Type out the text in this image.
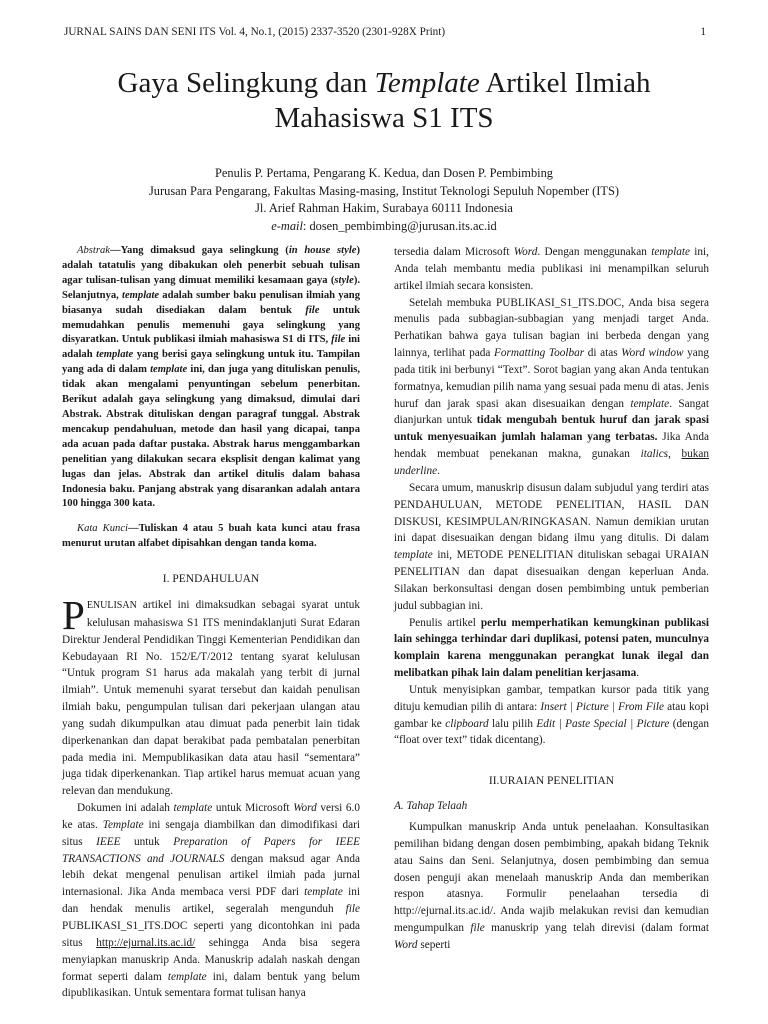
JURNAL SAINS DAN SENI ITS Vol. 4, No.1, (2015) 2337-3520 (2301-928X Print)	1
Gaya Selingkung dan Template Artikel Ilmiah
Mahasiswa S1 ITS
Penulis P. Pertama, Pengarang K. Kedua, dan Dosen P. Pembimbing
Jurusan Para Pengarang, Fakultas Masing-masing, Institut Teknologi Sepuluh Nopember (ITS)
Jl. Arief Rahman Hakim, Surabaya 60111 Indonesia
e-mail: dosen_pembimbing@jurusan.its.ac.id

Abstrak—Yang dimaksud gaya selingkung (in house style) adalah tatatulis yang dibakukan oleh penerbit sebuah tulisan agar tulisan-tulisan yang dimuat memiliki kesamaan gaya (style). Selanjutnya, template adalah sumber baku penulisan ilmiah yang biasanya sudah disediakan dalam bentuk file untuk memudahkan penulis memenuhi gaya selingkung yang disyaratkan. Untuk publikasi ilmiah mahasiswa S1 di ITS, file ini adalah template yang berisi gaya selingkung untuk itu. Tampilan yang ada di dalam template ini, dan juga yang dituliskan penulis, tidak akan mengalami penyuntingan sebelum penerbitan. Berikut adalah gaya selingkung yang dimaksud, dimulai dari Abstrak. Abstrak dituliskan dengan paragraf tunggal. Abstrak mencakup pendahuluan, metode dan hasil yang dicapai, tanpa ada acuan pada daftar pustaka. Abstrak harus menggambarkan penelitian yang dilakukan secara eksplisit dengan kalimat yang lugas dan jelas. Abstrak dan artikel ditulis dalam bahasa Indonesia baku. Panjang abstrak yang disarankan adalah antara 100 hingga 300 kata.

Kata Kunci—Tuliskan 4 atau 5 buah kata kunci atau frasa menurut urutan alfabet dipisahkan dengan tanda koma.

I. PENDAHULUAN

PENULISAN artikel ini dimaksudkan sebagai syarat untuk kelulusan mahasiswa S1 ITS menindaklanjuti Surat Edaran Direktur Jenderal Pendidikan Tinggi Kementerian Pendidikan dan Kebudayaan RI No. 152/E/T/2012 tentang syarat kelulusan “Untuk program S1 harus ada makalah yang terbit di jurnal ilmiah”. Untuk memenuhi syarat tersebut dan kaidah penulisan ilmiah baku, pengumpulan tulisan dari pekerjaan ulangan atau yang sudah dikumpulkan atau dimuat pada penerbit lain tidak diperkenankan dan dapat berakibat pada pembatalan penerbitan pada media ini. Mempublikasikan data atau hasil “sementara” juga tidak diperkenankan. Tiap artikel harus memuat acuan yang relevan dan mendukung.

Dokumen ini adalah template untuk Microsoft Word versi 6.0 ke atas. Template ini sengaja diambilkan dan dimodifikasi dari situs IEEE untuk Preparation of Papers for IEEE TRANSACTIONS and JOURNALS dengan maksud agar Anda lebih dekat mengenal penulisan artikel ilmiah pada jurnal internasional. Jika Anda membaca versi PDF dari template ini dan hendak menulis artikel, segeralah mengunduh file PUBLIKASI_S1_ITS.DOC seperti yang dicontohkan ini pada situs http://ejurnal.its.ac.id/ sehingga Anda bisa segera menyiapkan manuskrip Anda. Manuskrip adalah naskah dengan format seperti dalam template ini, dalam bentuk yang belum dipublikasikan. Untuk sementara format tulisan hanya

tersedia dalam Microsoft Word. Dengan menggunakan template ini, Anda telah membantu media publikasi ini menampilkan seluruh artikel ilmiah secara konsisten.

Setelah membuka PUBLIKASI_S1_ITS.DOC, Anda bisa segera menulis pada subbagian-subbagian yang menjadi target Anda. Perhatikan bahwa gaya tulisan bagian ini berbeda dengan yang lainnya, terlihat pada Formatting Toolbar di atas Word window yang pada titik ini berbunyi “Text”. Sorot bagian yang akan Anda tentukan formatnya, kemudian pilih nama yang sesuai pada menu di atas. Jenis huruf dan jarak spasi akan disesuaikan dengan template. Sangat dianjurkan untuk tidak mengubah bentuk huruf dan jarak spasi untuk menyesuaikan jumlah halaman yang terbatas. Jika Anda hendak membuat penekanan makna, gunakan italics, bukan underline.

Secara umum, manuskrip disusun dalam subjudul yang terdiri atas PENDAHULUAN, METODE PENELITIAN, HASIL DAN DISKUSI, KESIMPULAN/RINGKASAN. Namun demikian urutan ini dapat disesuaikan dengan bidang ilmu yang ditulis. Di dalam template ini, METODE PENELITIAN dituliskan sebagai URAIAN PENELITIAN dan dapat disesuaikan dengan keperluan Anda. Silakan berkonsultasi dengan dosen pembimbing untuk pemberian judul subbagian ini.

Penulis artikel perlu memperhatikan kemungkinan publikasi lain sehingga terhindar dari duplikasi, potensi paten, munculnya komplain karena menggunakan perangkat lunak ilegal dan melibatkan pihak lain dalam penelitian kerjasama.

Untuk menyisipkan gambar, tempatkan kursor pada titik yang dituju kemudian pilih di antara: Insert | Picture | From File atau kopi gambar ke clipboard lalu pilih Edit | Paste Special | Picture (dengan “float over text” tidak dicentang).

II.URAIAN PENELITIAN

A. Tahap Telaah

Kumpulkan manuskrip Anda untuk penelaahan. Konsultasikan pemilihan bidang dengan dosen pembimbing, apakah bidang Teknik atau Sains dan Seni. Selanjutnya, dosen pembimbing dan semua dosen penguji akan menelaah manuskrip Anda dan memberikan respon atasnya. Formulir penelaahan tersedia di http://ejurnal.its.ac.id/. Anda wajib melakukan revisi dan kemudian mengumpulkan file manuskrip yang telah direvisi (dalam format Word seperti
